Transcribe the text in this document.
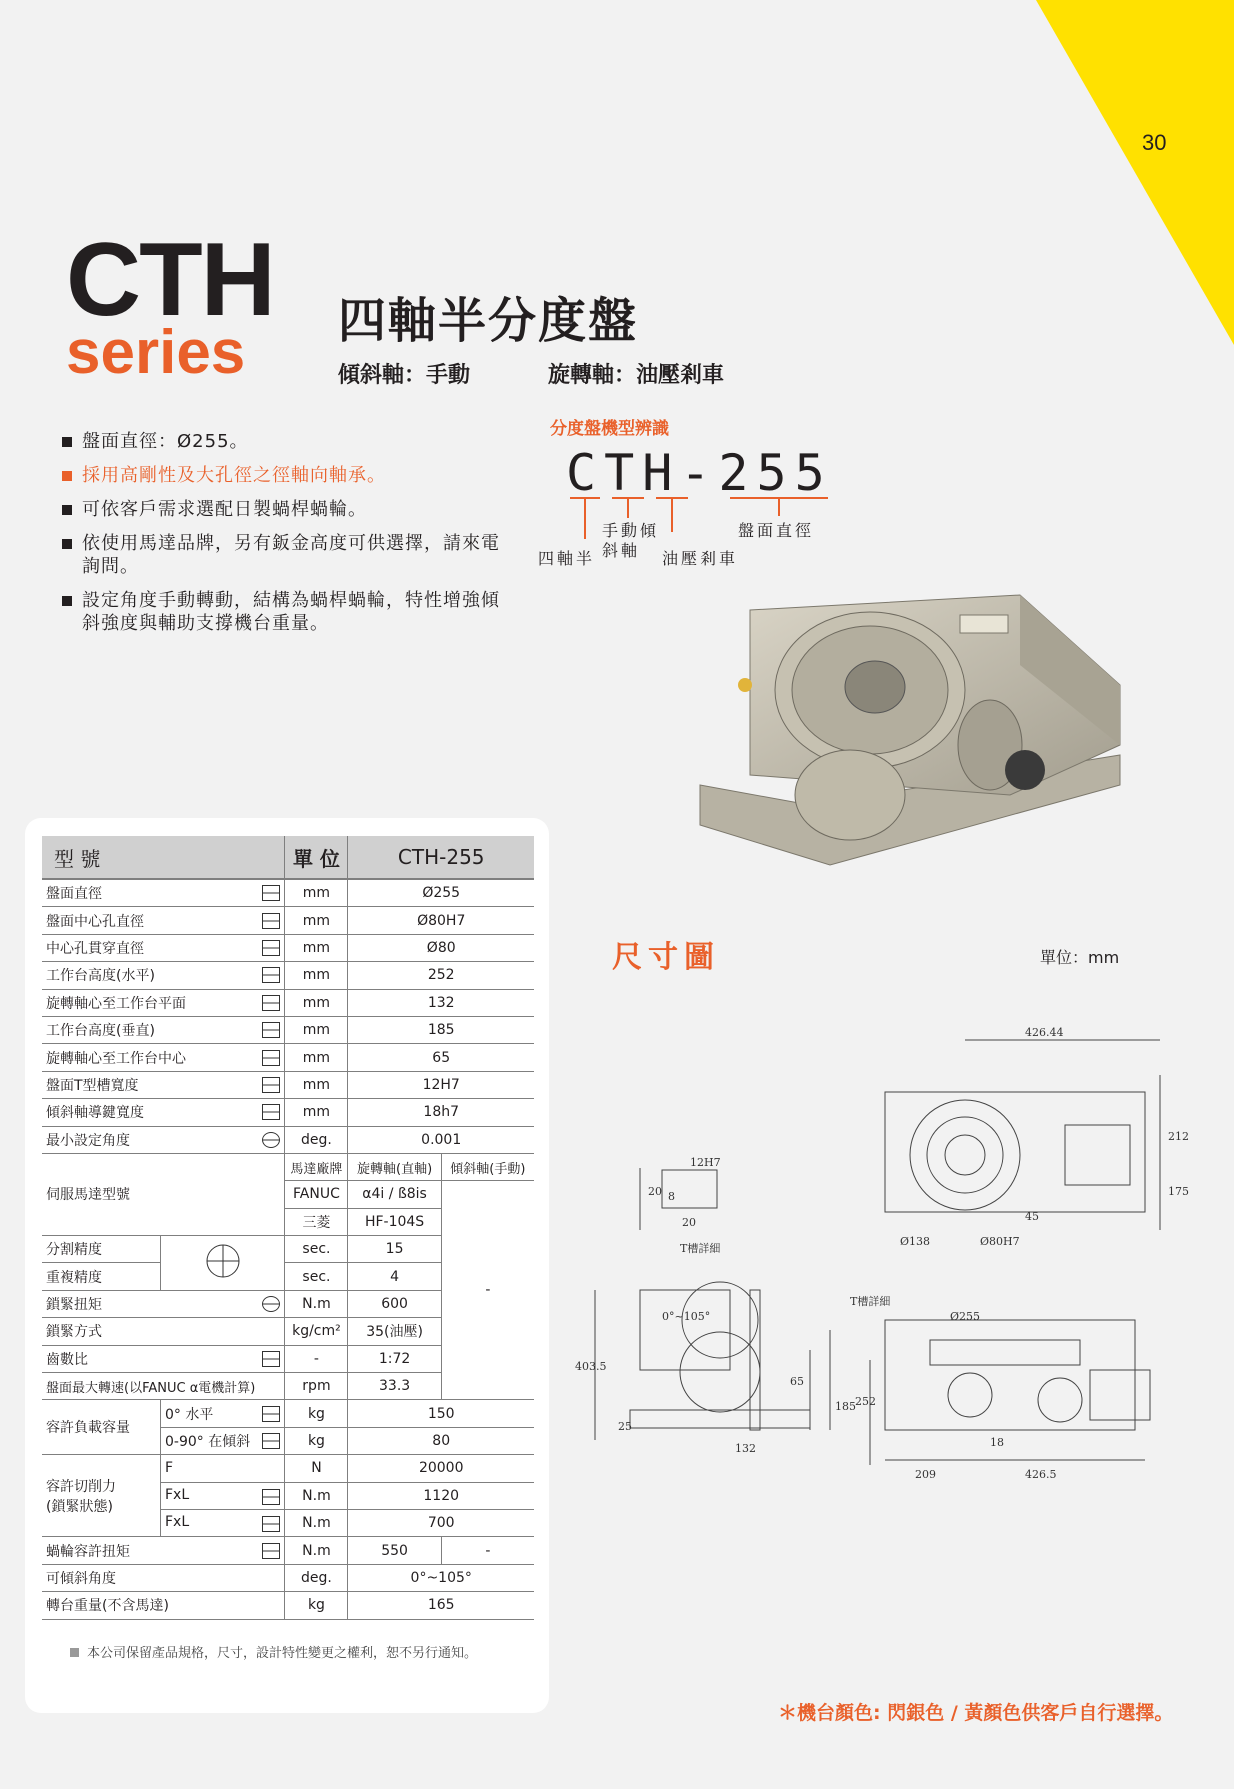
30
CTH
series 四軸半分度盤
傾斜軸：手動	旋轉軸：油壓剎車
盤面直徑：Ø255。
採用高剛性及大孔徑之徑軸向軸承。
可依客戶需求選配日製蝸桿蝸輪。
依使用馬達品牌，另有鈑金高度可供選擇，請來電詢問。
設定角度手動轉動，結構為蝸桿蝸輪，特性增強傾斜強度與輔助支撐機台重量。
分度盤機型辨識
CTH-255
四軸半
手動傾
斜軸 油壓剎車
盤面直徑
型 號		單 位	CTH-255	
盤面直徑		mm	Ø255	
盤面中心孔直徑		mm	Ø80H7	
中心孔貫穿直徑		mm	Ø80	
工作台高度(水平)		mm	252	
旋轉軸心至工作台平面		mm	132	
工作台高度(垂直)		mm	185	
旋轉軸心至工作台中心		mm	65	
盤面T型槽寬度		mm	12H7	
傾斜軸導鍵寬度		mm	18h7	
最小設定角度		deg.	0.001	
伺服馬達型號		馬達廠牌	旋轉軸(直軸)	傾斜軸(手動)
		FANUC	α4i / ß8is	-
		三菱	HF-104S	
分割精度		sec.	15	
重複精度		sec.	4	
鎖緊扭矩		N.m	600	
鎖緊方式		kg/cm²	35(油壓)	
齒數比		-	1:72	
盤面最大轉速(以FANUC α電機計算)		rpm	33.3	
容許負載容量	0° 水平	kg	150	
	0-90° 在傾斜	kg	80	

容許切削力
(鎖緊狀態)	F	N	20000	
	FxL	N.m	1120	
	FxL	N.m	700	
蝸輪容許扭矩		N.m	550	-
可傾斜角度		deg.	0°~105°	
轉台重量(不含馬達)		kg	165	
本公司保留產品規格，尺寸，設計特性變更之權利，恕不另行通知。
尺寸圖	單位：mm
426.44
212
175
Ø138	Ø80H7
45
12H7
20 8
20
T槽詳細
0°~105°
403.5
25
132
65
185
T槽詳細
Ø255
252
209
18
426.5
＊機台顏色: 閃銀色 / 黃顏色供客戶自行選擇。
